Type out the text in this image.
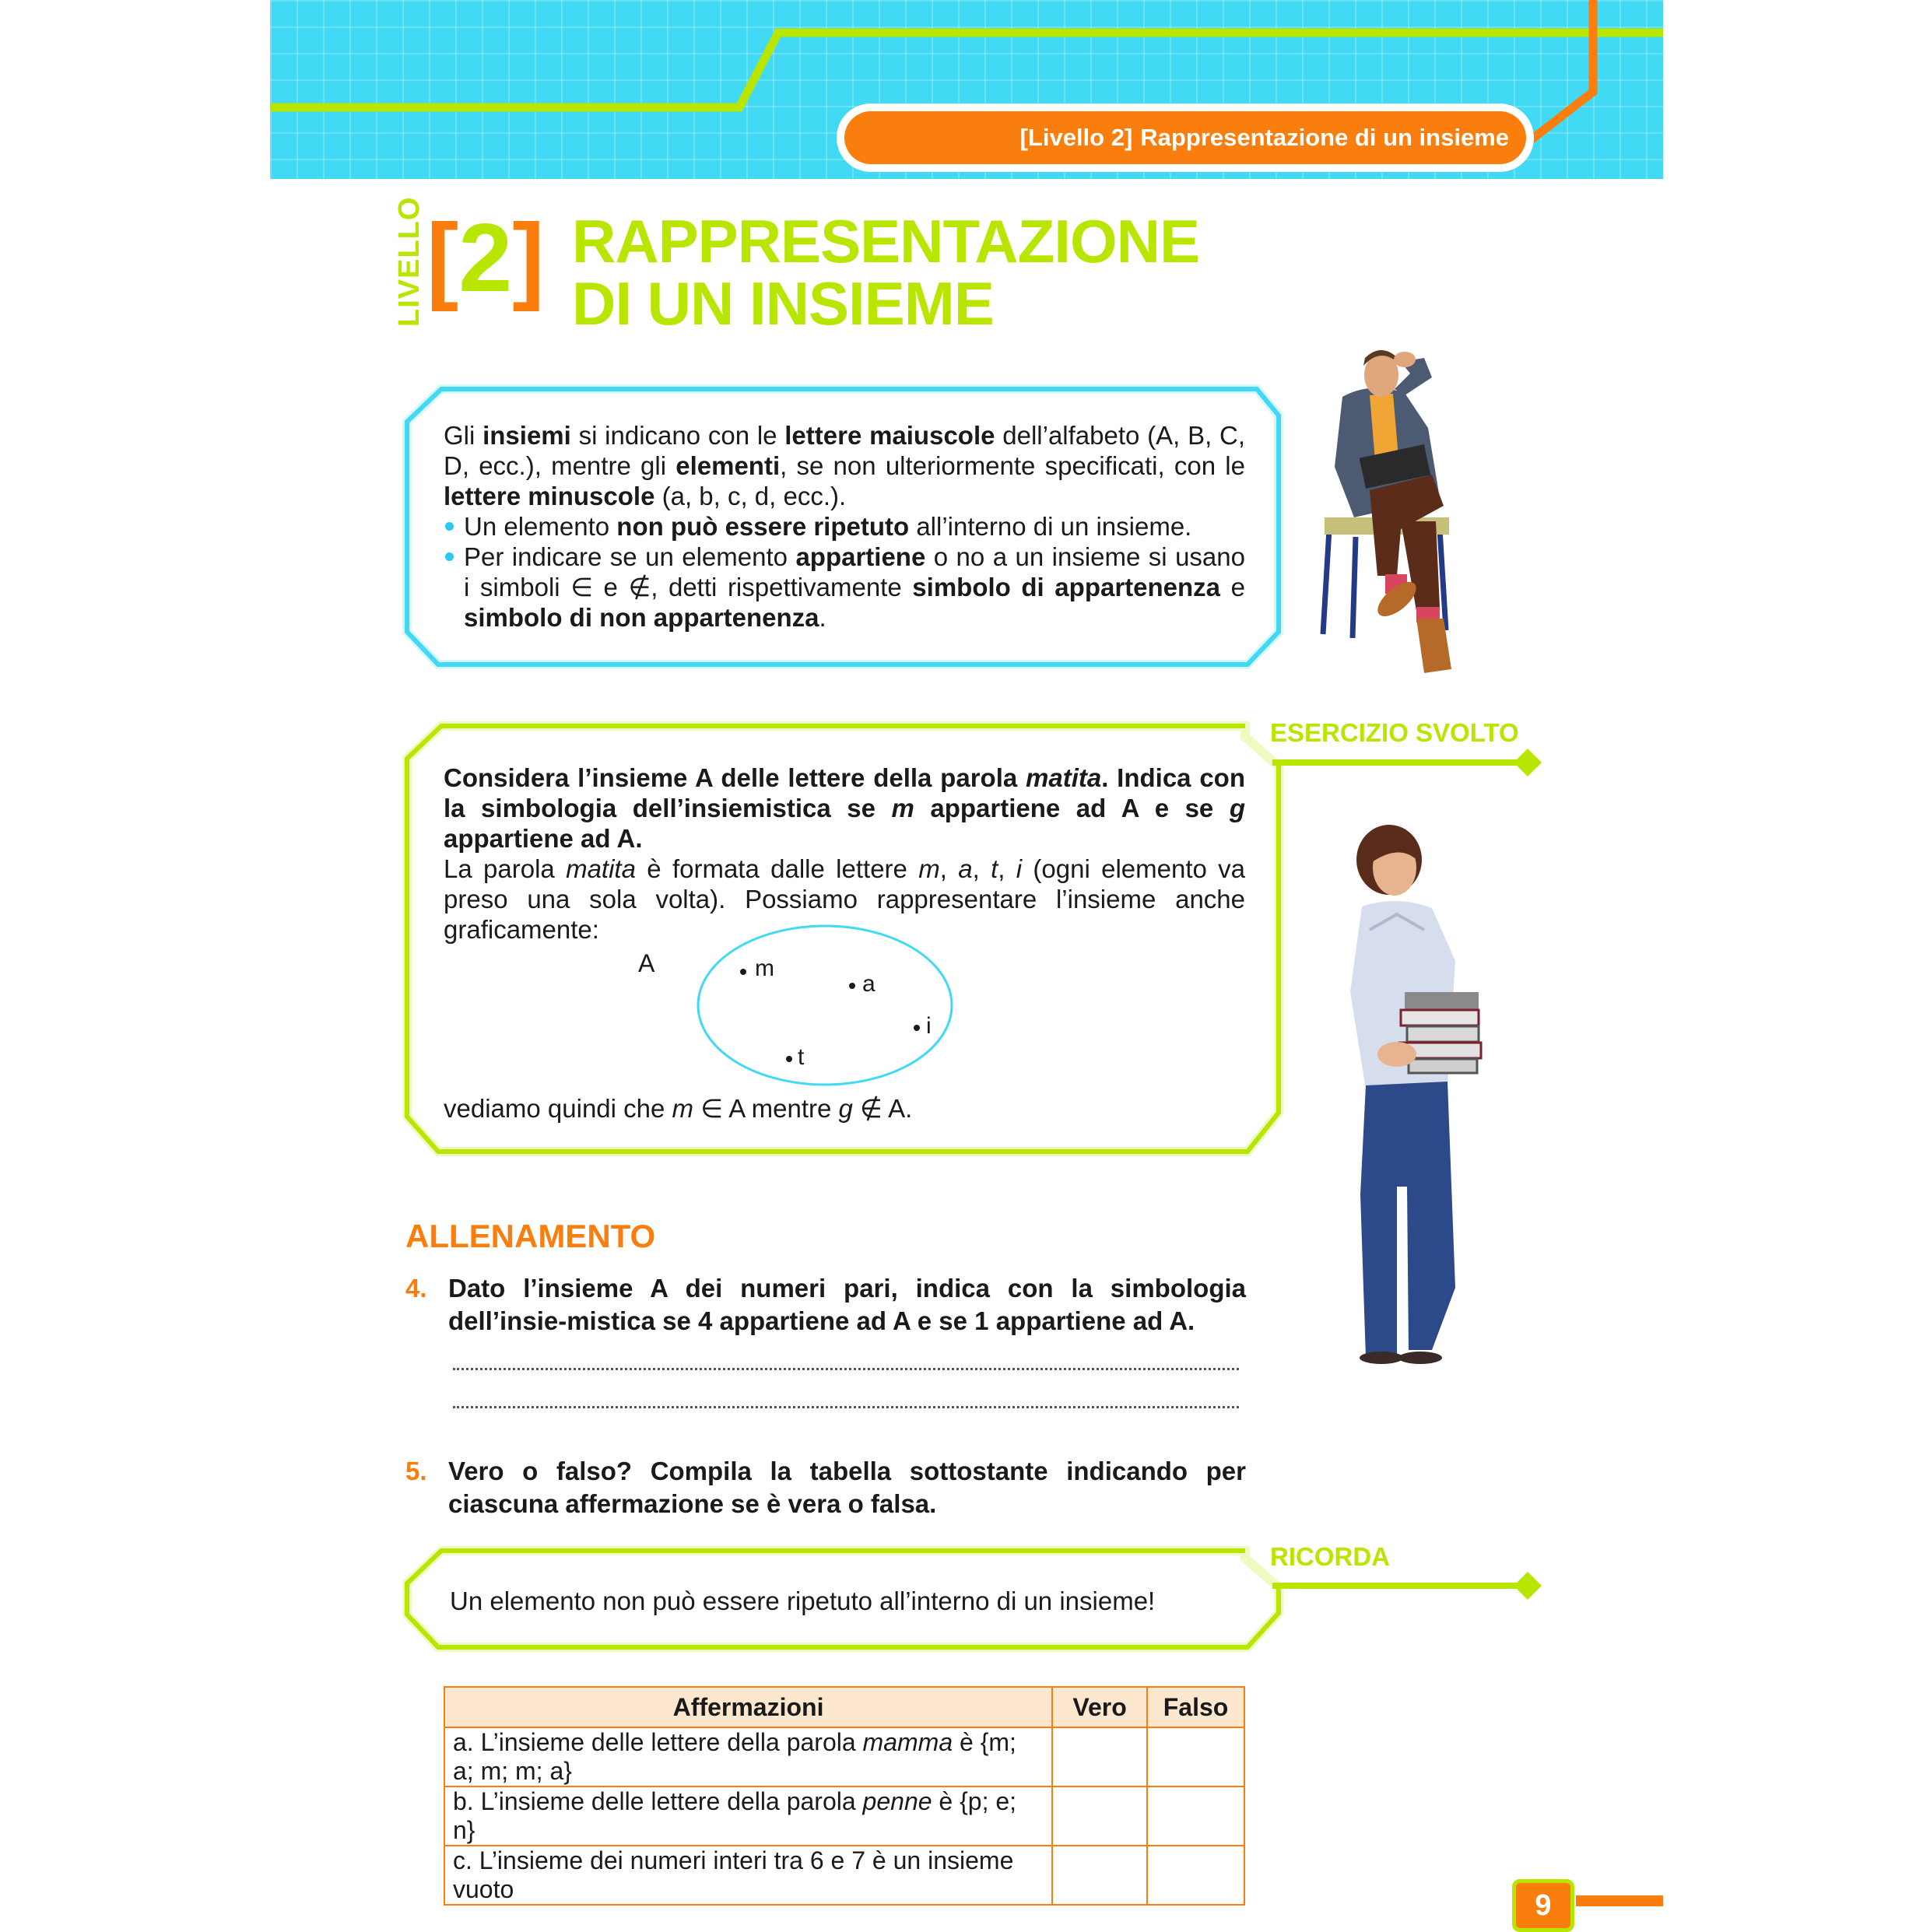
[Livello 2] Rappresentazione di un insieme
LIVELLO [2] RAPPRESENTAZIONE
DI UN INSIEME
Gli insiemi si indicano con le lettere maiuscole dell’alfabeto (A, B, C, D, ecc.), mentre gli elementi, se non ulteriormente specificati, con le lettere minuscole (a, b, c, d, ecc.).
Un elemento non può essere ripetuto all’interno di un insieme.
Per indicare se un elemento appartiene o no a un insieme si usano i simboli ∈ e ∉, detti rispettivamente simbolo di appartenenza e simbolo di non appartenenza.
ESERCIZIO SVOLTO
Considera l’insieme A delle lettere della parola matita. Indica con la simbologia dell’insiemistica se m appartiene ad A e se g appartiene ad A.
La parola matita è formata dalle lettere m, a, t, i (ogni elemento va preso una sola volta). Possiamo rappresentare l’insieme anche graficamente:
A	m
a
i
t
vediamo quindi che m ∈ A mentre g ∉ A.
ALLENAMENTO
4. Dato l’insieme A dei numeri pari, indica con la simbologia dell’insie-mistica se 4 appartiene ad A e se 1 appartiene ad A.
5. Vero o falso? Compila la tabella sottostante indicando per ciascuna affermazione se è vera o falsa.
RICORDA
Un elemento non può essere ripetuto all’interno di un insieme!
Affermazioni	Vero	Falso
a. L’insieme delle lettere della parola mamma è {m; a; m; m; a}		
b. L’insieme delle lettere della parola penne è {p; e; n}		
c. L’insieme dei numeri interi tra 6 e 7 è un insieme vuoto			9
